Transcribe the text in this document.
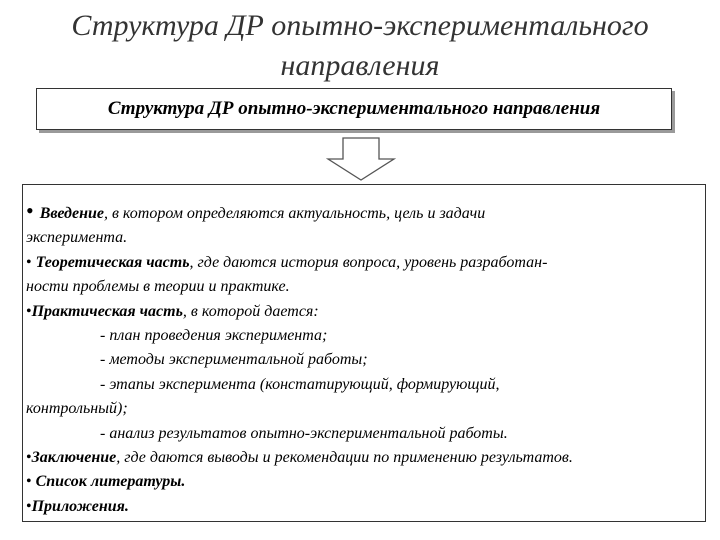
Структура ДР опытно-экспериментального
направления
Структура ДР опытно-экспериментального направления
• Введение, в котором определяются актуальность, цель и задачи
эксперимента.
• Теоретическая часть, где даются история вопроса, уровень разработан-
ности проблемы в теории и практике.
•Практическая часть, в которой дается:
- план проведения эксперимента;
- методы экспериментальной работы;
- этапы эксперимента (констатирующий, формирующий,
контрольный);
- анализ результатов опытно-экспериментальной работы.
•Заключение, где даются выводы и рекомендации по применению результатов.
• Список литературы.
•Приложения.
